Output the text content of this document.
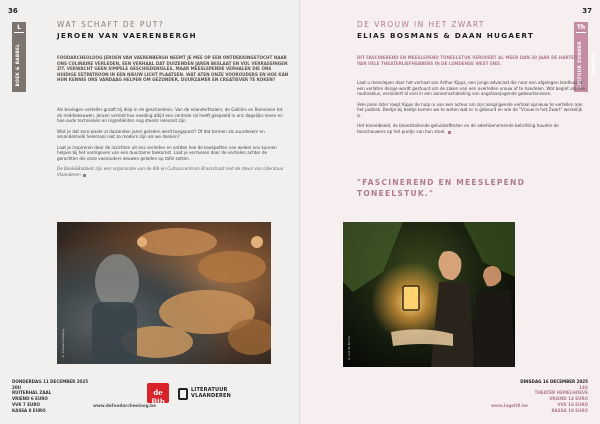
36
L
BOEK & BABBEL
WAT SCHAFT DE PUT?
JEROEN VAN VAERENBERGH
FOODARCHEOLOOG JEROEN VAN VAERENBERGH NEEMT JE MEE OP EEN ONTDEKKINGSTOCHT NAAR ONS CULINAIRE VERLEDEN, EEN VERHAAL DAT DUIZENDEN JAREN BESLAAT EN VOL VERRASSINGEN ZIT. VERWACHT GEEN SIMPELE GESCHIEDENISLES, MAAR MEESLEPENDE VERHALEN DIE ONS HUIDIGE EETPATROON IN EEN NIEUW LICHT PLAATSEN. WAT ATEN ONZE VOOROUDERS EN HOE KAN HUN KENNIS ONS VANDAAG HELPEN OM GEZONDER, DUURZAMER EN CREATIEVER TE KOKEN?

Als bevlogen verteller graaft hij diep in de geschiedenis. Van de neanderthalers, de Galliërs en Romeinen tot de middeleeuwen, Jeroen verteld hoe voeding altijd een centrale rol heeft gespeeld in ons dagelijks leven en hoe oude technieken en ingrediënten nog steeds relevant zijn.

Wist je dat zero waste al duizenden jaren geleden werd toegepast? Of dat termen als zuurdesem en amandelmelk helemaal niet zo modern zijn als we denken?

Laat je inspireren door de inzichten uit ons verleden en ontdek hoe de kookpotten van weleer ons kunnen helpen bij het vormgeven van een duurzame toekomst. Laat je verrassen door de verhalen achter de gerechten die onze voorouders eeuwen geleden op tafel zetten.

De Boek&Babbels zijn een organisatie van de Bib en Cultuurcentrum Brasschaat met de steun van Literatuur Vlaanderen

© Foodarcheoloog
DONDERDAG 11 DECEMBER 2025
20U
RUITERHAL ZAAL
VRIEND 6 EURO
VVK 7 EURO
KASSA 8 EURO
www.defoodarcheoloog.be
de Bib
LITERATUUR
VLAANDEREN
37
Th
CULTUUR ZONDER ZORGEN
DE VROUW IN HET ZWART
ELIAS BOSMANS & DAAN HUGAERT
DIT FASCINEREND EN MEESLEPEND TONEELSTUK VEROVERT AL MEER DAN 30 JAAR DE HARTEN VAN VELE THEATERLIEFHEBBERS IN DE LONDENSE WEST END.

Laat u meeslepen door het verhaal van Arthur Kipps, een jonge advocaat die naar een afgelegen landhuis in een verlaten dorpje wordt gestuurd om de zaken van een overleden vrouw af te handelen. Wat begint als een routineklus, verandert al snel in een aaneenschakeling van angstaanjagende gebeurtenissen.

Vele jaren later roept Kipps de hulp in van een acteur om zijn aangrijpende verhaal opnieuw te vertellen aan het publiek. Beetje bij beetje komen we te weten wat er is gebeurd en wie de "Vrouw in het Zwart" werkelijk is.

Het toneelbeeld, de bloedstollende geluidseffecten en de adembenemende belichting houden de toeschouwers op het puntje van hun stoel.

"FASCINEREND EN MEESLEPEND TONEELSTUK."
© Lot de Kirmis
DINSDAG 16 DECEMBER 2025
14U
THEATER HEMELHOEVE
VRIEND 14 EURO
VVK 16 EURO
KASSA 18 EURO
www.lagelt8.be
